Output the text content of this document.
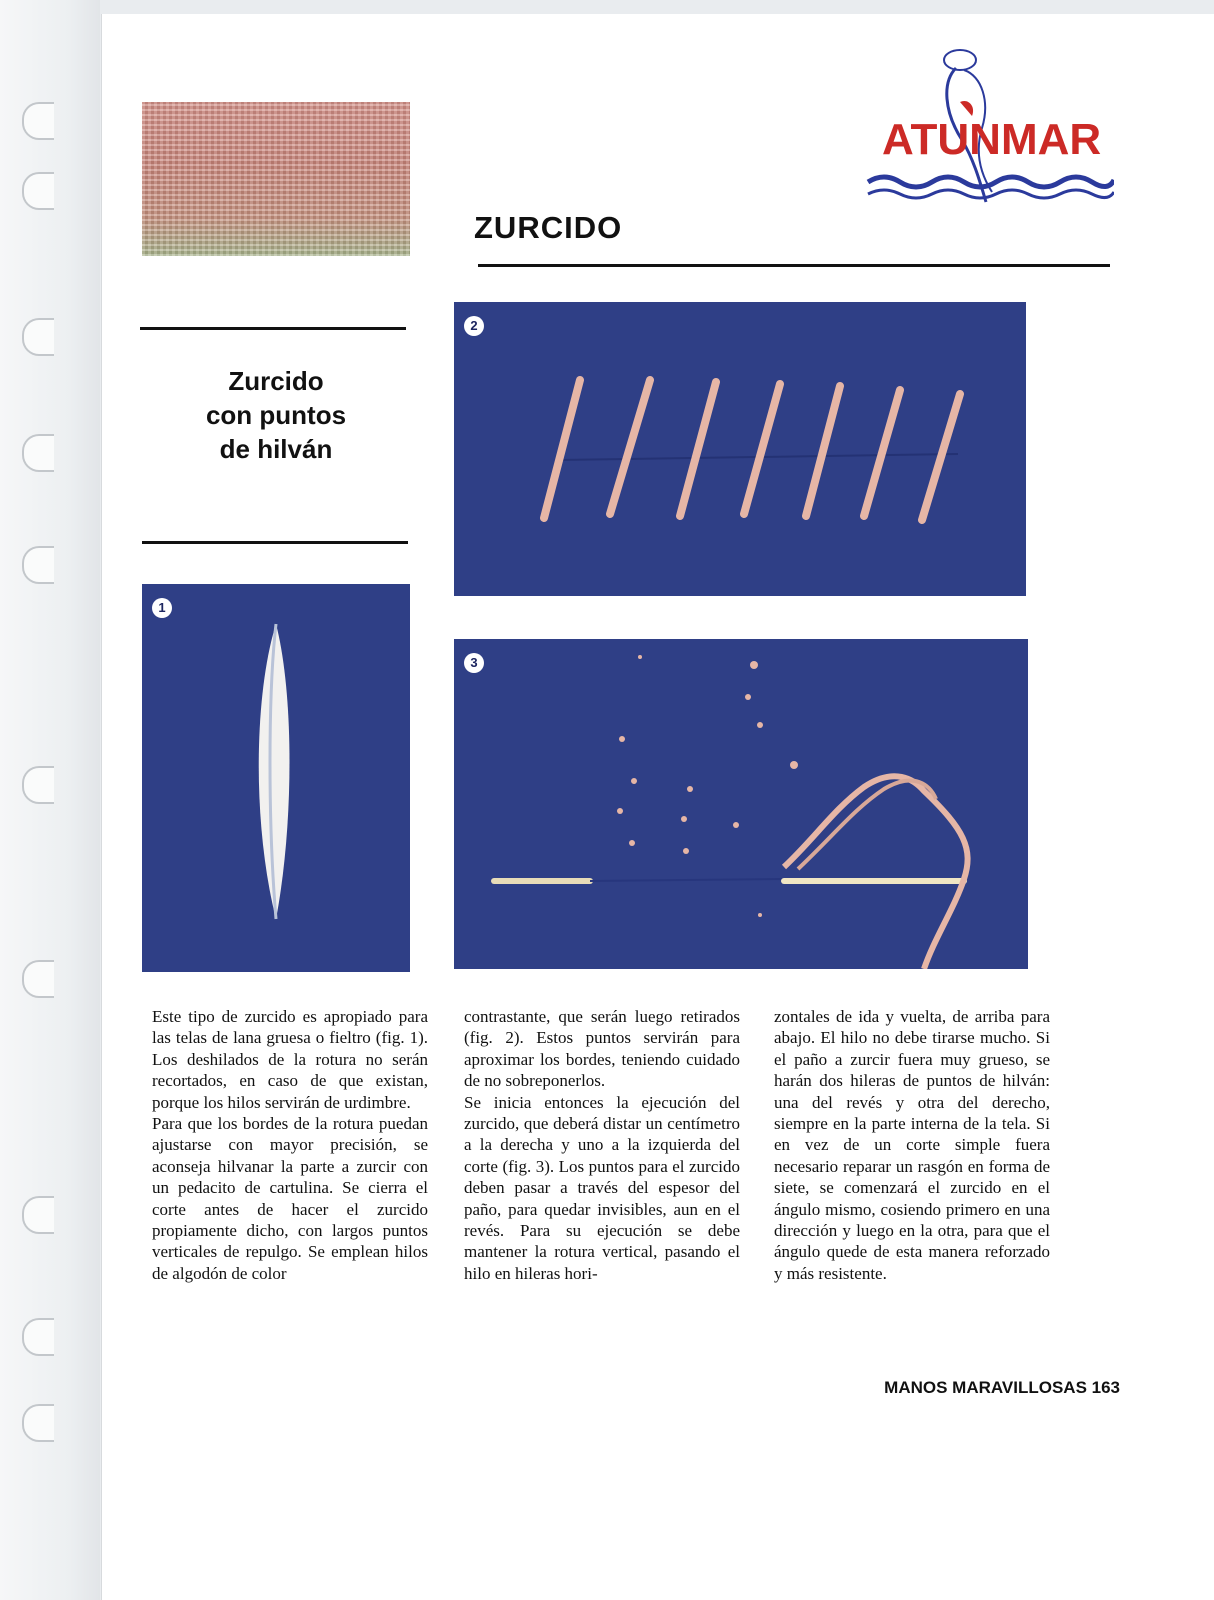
ATUNMAR
ZURCIDO
Zurcido
con puntos
de hilván
1
2
3

Este tipo de zurcido es apropiado para las telas de lana gruesa o fieltro (fig. 1). Los deshilados de la rotura no serán recortados, en caso de que existan, porque los hilos servirán de urdimbre.

Para que los bordes de la rotura puedan ajustarse con mayor precisión, se aconseja hilvanar la parte a zurcir con un pedacito de cartulina. Se cierra el corte antes de hacer el zurcido propiamente dicho, con largos puntos verticales de repulgo. Se emplean hilos de algodón de color

contrastante, que serán luego retirados (fig. 2). Estos puntos servirán para aproximar los bordes, teniendo cuidado de no sobreponerlos.

Se inicia entonces la ejecución del zurcido, que deberá distar un centímetro a la derecha y uno a la izquierda del corte (fig. 3). Los puntos para el zurcido deben pasar a través del espesor del paño, para quedar invisibles, aun en el revés. Para su ejecución se debe mantener la rotura vertical, pasando el hilo en hileras hori-

zontales de ida y vuelta, de arriba para abajo. El hilo no debe tirarse mucho. Si el paño a zurcir fuera muy grueso, se harán dos hileras de puntos de hilván: una del revés y otra del derecho, siempre en la parte interna de la tela. Si en vez de un corte simple fuera necesario reparar un rasgón en forma de siete, se comenzará el zurcido en el ángulo mismo, cosiendo primero en una dirección y luego en la otra, para que el ángulo quede de esta manera reforzado y más resistente.

MANOS MARAVILLOSAS 163
